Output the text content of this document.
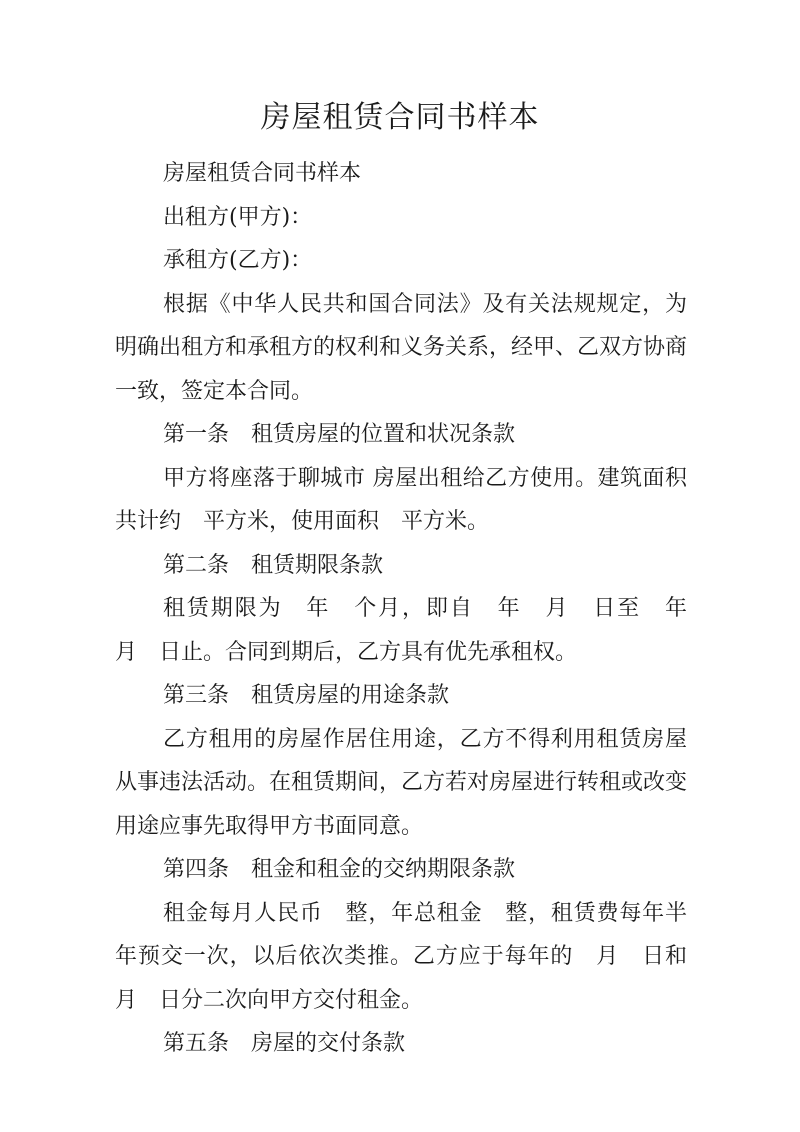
房屋租赁合同书样本

房屋租赁合同书样本

出租方(甲方)：

承租方(乙方)：

根据《中华人民共和国合同法》及有关法规规定，为明确出租方和承租方的权利和义务关系，经甲、乙双方协商一致，签定本合同。

第一条　租赁房屋的位置和状况条款

甲方将座落于聊城市 房屋出租给乙方使用。建筑面积共计约　平方米，使用面积　平方米。

第二条　租赁期限条款

租赁期限为　年　个月，即自　年　月　日至　年　月　日止。合同到期后，乙方具有优先承租权。

第三条　租赁房屋的用途条款

乙方租用的房屋作居住用途，乙方不得利用租赁房屋从事违法活动。在租赁期间，乙方若对房屋进行转租或改变用途应事先取得甲方书面同意。

第四条　租金和租金的交纳期限条款

租金每月人民币　整，年总租金　整，租赁费每年半年预交一次，以后依次类推。乙方应于每年的　月　日和　月　日分二次向甲方交付租金。

第五条　房屋的交付条款
